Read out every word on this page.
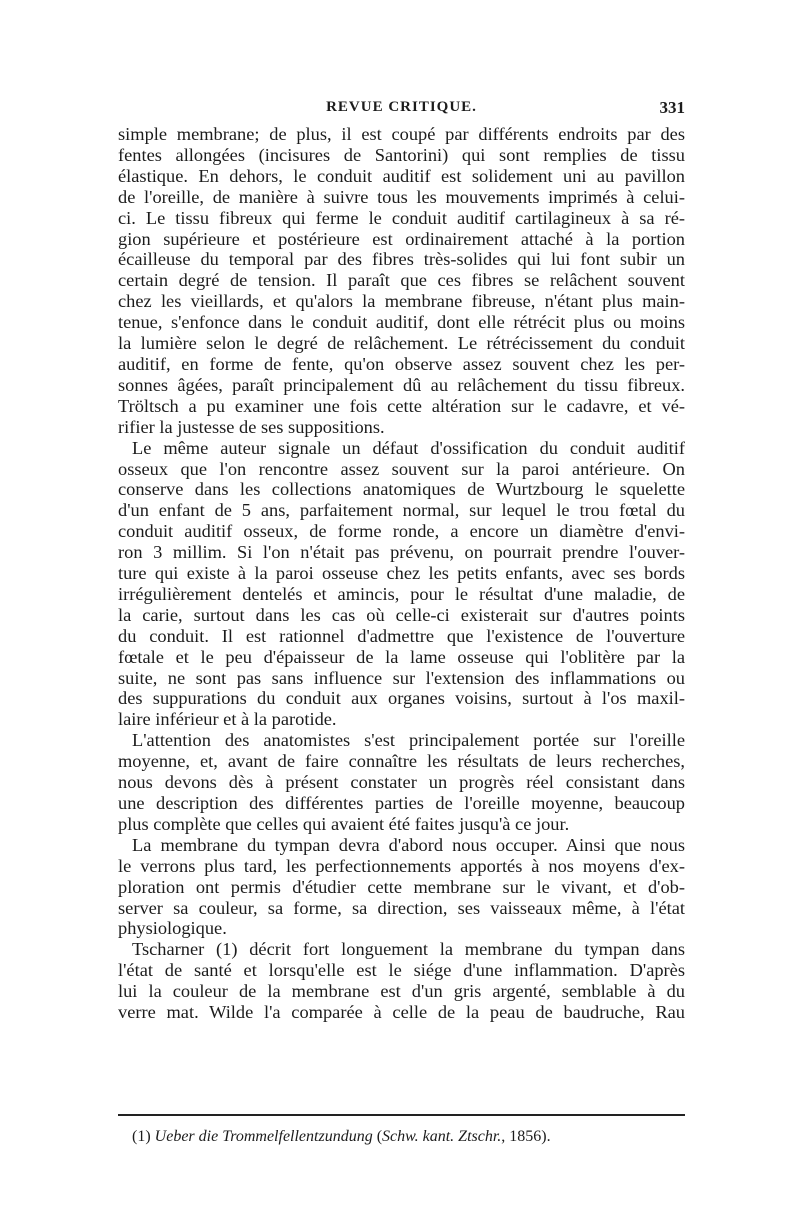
REVUE CRITIQUE.	331
simple membrane; de plus, il est coupé par différents endroits par des
fentes allongées (incisures de Santorini) qui sont remplies de tissu
élastique. En dehors, le conduit auditif est solidement uni au pavillon
de l'oreille, de manière à suivre tous les mouvements imprimés à celui-
ci. Le tissu fibreux qui ferme le conduit auditif cartilagineux à sa ré-
gion supérieure et postérieure est ordinairement attaché à la portion
écailleuse du temporal par des fibres très-solides qui lui font subir un
certain degré de tension. Il paraît que ces fibres se relâchent souvent
chez les vieillards, et qu'alors la membrane fibreuse, n'étant plus main-
tenue, s'enfonce dans le conduit auditif, dont elle rétrécit plus ou moins
la lumière selon le degré de relâchement. Le rétrécissement du conduit
auditif, en forme de fente, qu'on observe assez souvent chez les per-
sonnes âgées, paraît principalement dû au relâchement du tissu fibreux.
Tröltsch a pu examiner une fois cette altération sur le cadavre, et vé-
rifier la justesse de ses suppositions.
Le même auteur signale un défaut d'ossification du conduit auditif
osseux que l'on rencontre assez souvent sur la paroi antérieure. On
conserve dans les collections anatomiques de Wurtzbourg le squelette
d'un enfant de 5 ans, parfaitement normal, sur lequel le trou fœtal du
conduit auditif osseux, de forme ronde, a encore un diamètre d'envi-
ron 3 millim. Si l'on n'était pas prévenu, on pourrait prendre l'ouver-
ture qui existe à la paroi osseuse chez les petits enfants, avec ses bords
irrégulièrement dentelés et amincis, pour le résultat d'une maladie, de
la carie, surtout dans les cas où celle-ci existerait sur d'autres points
du conduit. Il est rationnel d'admettre que l'existence de l'ouverture
fœtale et le peu d'épaisseur de la lame osseuse qui l'oblitère par la
suite, ne sont pas sans influence sur l'extension des inflammations ou
des suppurations du conduit aux organes voisins, surtout à l'os maxil-
laire inférieur et à la parotide.
L'attention des anatomistes s'est principalement portée sur l'oreille
moyenne, et, avant de faire connaître les résultats de leurs recherches,
nous devons dès à présent constater un progrès réel consistant dans
une description des différentes parties de l'oreille moyenne, beaucoup
plus complète que celles qui avaient été faites jusqu'à ce jour.
La membrane du tympan devra d'abord nous occuper. Ainsi que nous
le verrons plus tard, les perfectionnements apportés à nos moyens d'ex-
ploration ont permis d'étudier cette membrane sur le vivant, et d'ob-
server sa couleur, sa forme, sa direction, ses vaisseaux même, à l'état
physiologique.
Tscharner (1) décrit fort longuement la membrane du tympan dans
l'état de santé et lorsqu'elle est le siége d'une inflammation. D'après
lui la couleur de la membrane est d'un gris argenté, semblable à du
verre mat. Wilde l'a comparée à celle de la peau de baudruche, Rau
(1) Ueber die Trommelfellentzundung (Schw. kant. Ztschr., 1856).
